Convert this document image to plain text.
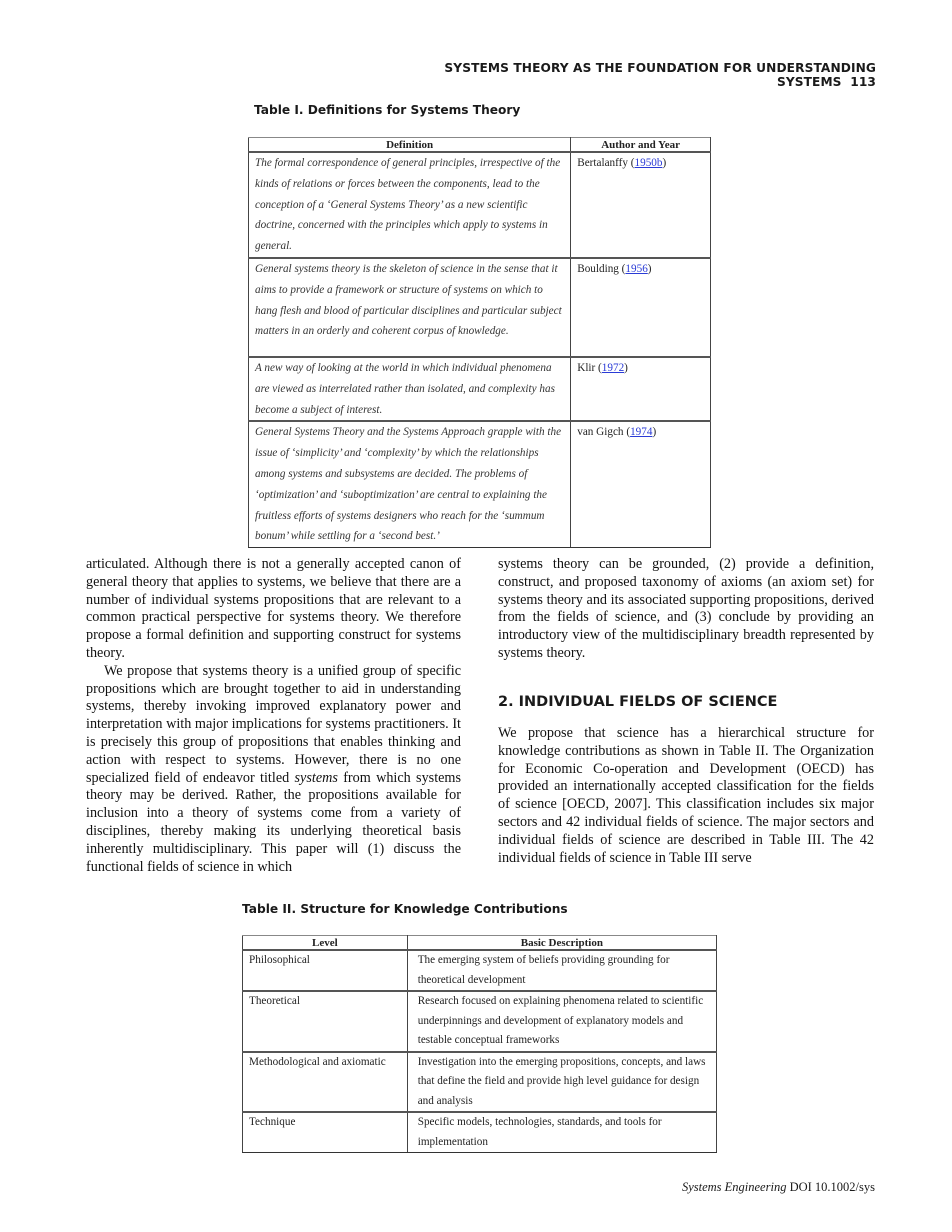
SYSTEMS THEORY AS THE FOUNDATION FOR UNDERSTANDING SYSTEMS 113
Table I. Definitions for Systems Theory
Definition	Author and Year
The formal correspondence of general principles, irrespective of the kinds of relations or forces between the components, lead to the conception of a ‘General Systems Theory’ as a new scientific doctrine, concerned with the principles which apply to systems in general.	Bertalanffy (1950b)
General systems theory is the skeleton of science in the sense that it aims to provide a framework or structure of systems on which to hang flesh and blood of particular disciplines and particular subject matters in an orderly and coherent corpus of knowledge.	Boulding (1956)
A new way of looking at the world in which individual phenomena are viewed as interrelated rather than isolated, and complexity has become a subject of interest.	Klir (1972)
General Systems Theory and the Systems Approach grapple with the issue of ‘simplicity’ and ‘complexity’ by which the relationships among systems and subsystems are decided. The problems of ‘optimization’ and ‘suboptimization’ are central to explaining the fruitless efforts of systems designers who reach for the ‘summum bonum’ while settling for a ‘second best.’	van Gigch (1974)

articulated. Although there is not a generally accepted canon of general theory that applies to systems, we believe that there are a number of individual systems propositions that are relevant to a common practical perspective for systems theory. We therefore propose a formal definition and supporting construct for systems theory.

We propose that systems theory is a unified group of specific propositions which are brought together to aid in understanding systems, thereby invoking improved explanatory power and interpretation with major implications for systems practitioners. It is precisely this group of propositions that enables thinking and action with respect to systems. However, there is no one specialized field of endeavor titled systems from which systems theory may be derived. Rather, the propositions available for inclusion into a theory of systems come from a variety of disciplines, thereby making its underlying theoretical basis inherently multidisciplinary. This paper will (1) discuss the functional fields of science in which

systems theory can be grounded, (2) provide a definition, construct, and proposed taxonomy of axioms (an axiom set) for systems theory and its associated supporting propositions, derived from the fields of science, and (3) conclude by providing an introductory view of the multidisciplinary breadth represented by systems theory.

2. INDIVIDUAL FIELDS OF SCIENCE

We propose that science has a hierarchical structure for knowledge contributions as shown in Table II. The Organization for Economic Co-operation and Development (OECD) has provided an internationally accepted classification for the fields of science [OECD, 2007]. This classification includes six major sectors and 42 individual fields of science. The major sectors and individual fields of science are described in Table III. The 42 individual fields of science in Table III serve

Table II. Structure for Knowledge Contributions
Level	Basic Description
Philosophical	The emerging system of beliefs providing grounding for theoretical development
Theoretical	Research focused on explaining phenomena related to scientific underpinnings and development of explanatory models and testable conceptual frameworks
Methodological and axiomatic	Investigation into the emerging propositions, concepts, and laws that define the field and provide high level guidance for design and analysis
Technique	Specific models, technologies, standards, and tools for implementation
Systems Engineering DOI 10.1002/sys
